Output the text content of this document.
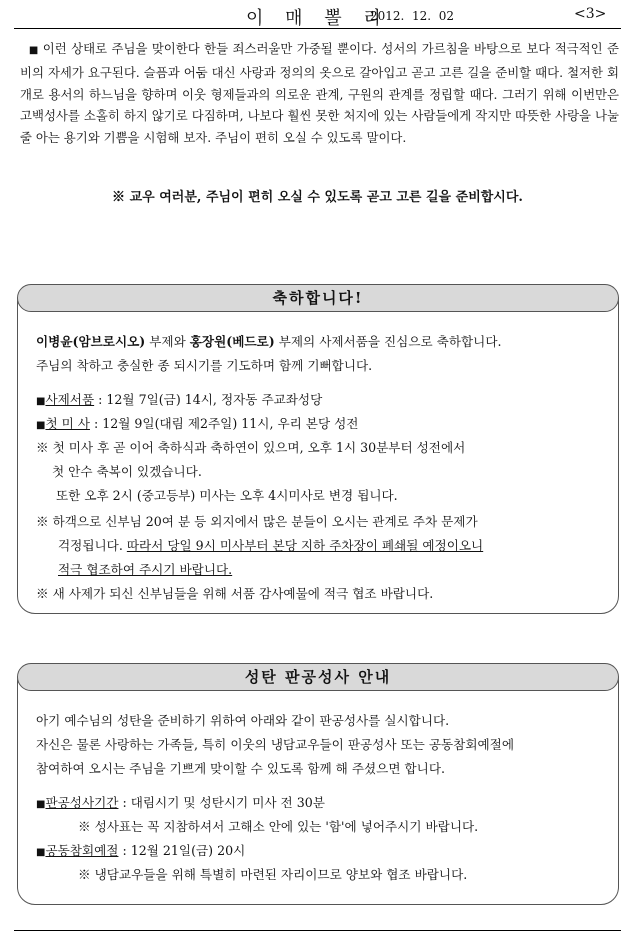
이 매 뽈 리
2012.  12.  02	<3>
■ 이런 상태로 주님을 맞이한다 한들 죄스러울만 가중될 뿐이다. 성서의 가르침을 바탕으로 보다 적극적인 준비의 자세가 요구된다. 슬픔과 어둠 대신 사랑과 정의의 옷으로 갈아입고 곧고 고른 길을 준비할 때다. 철저한 회개로 용서의 하느님을 향하며 이웃 형제들과의 의로운 관계, 구원의 관계를 정립할 때다. 그러기 위해 이번만은 고백성사를 소홀히 하지 않기로 다짐하며, 나보다 훨씬 못한 처지에 있는 사람들에게 작지만 따뜻한 사랑을 나눌 줄 아는 용기와 기쁨을 시험해 보자. 주님이 편히 오실 수 있도록 말이다.
※ 교우 여러분, 주님이 편히 오실 수 있도록 곧고 고른 길을 준비합시다.
축하합니다!
이병윤(암브로시오) 부제와 홍장원(베드로) 부제의 사제서품을 진심으로 축하합니다.
주님의 착하고 충실한 종 되시기를 기도하며 함께 기뻐합니다.
■사제서품 : 12월 7일(금) 14시, 정자동 주교좌성당
■첫 미 사 : 12월 9일(대림 제2주일) 11시, 우리 본당 성전
※ 첫 미사 후 곧 이어 축하식과 축하연이 있으며, 오후 1시 30분부터 성전에서
첫 안수 축복이 있겠습니다.
또한 오후 2시 (중고등부) 미사는 오후 4시미사로 변경 됩니다.
※ 하객으로 신부님 20여 분 등 외지에서 많은 분들이 오시는 관계로 주차 문제가
걱정됩니다. 따라서 당일 9시 미사부터 본당 지하 주차장이 폐쇄될 예정이오니
적극 협조하여 주시기 바랍니다.
※ 새 사제가 되신 신부님들을 위해 서품 감사예물에 적극 협조 바랍니다.
성탄 판공성사 안내
아기 예수님의 성탄을 준비하기 위하여 아래와 같이 판공성사를 실시합니다.
자신은 물론 사랑하는 가족들, 특히 이웃의 냉담교우들이 판공성사 또는 공동참회예절에
참여하여 오시는 주님을 기쁘게 맞이할 수 있도록 함께 해 주셨으면 합니다.
■판공성사기간 : 대림시기 및 성탄시기 미사 전 30분
※ 성사표는 꼭 지참하셔서 고해소 안에 있는 '함'에 넣어주시기 바랍니다.
■공동참회예절 : 12월 21일(금) 20시
※ 냉담교우들을 위해 특별히 마련된 자리이므로 양보와 협조 바랍니다.
